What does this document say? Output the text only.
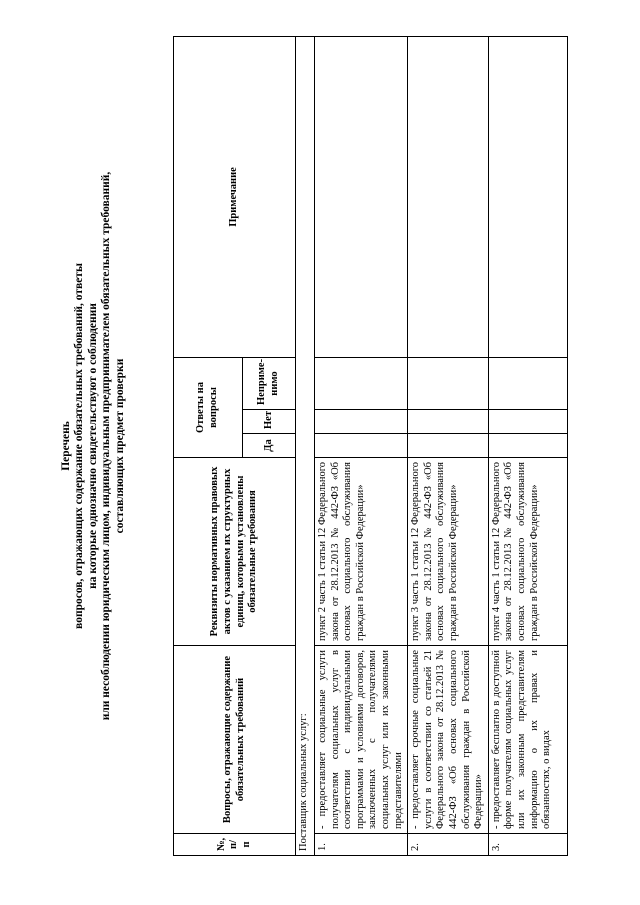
Перечень вопросов, отражающих содержание обязательных требований, ответы на которые однозначно свидетельствуют о соблюдении или несоблюдении юридическим лицом, индивидуальным предпринимателем обязательных требований, составляющих предмет проверки
№, п/п	Вопросы, отражающие содержание обязательных требований	Реквизиты нормативных правовых актов с указанием их структурных единиц, которыми установлены обязательные требования	Ответы на вопросы			Примечание
			Да	Нет	Неприме-нимо	
Поставщик социальных услуг:						
1.	- предоставляет социальные услуги получателям социальных услуг в соответствии с индивидуальными программами и условиями договоров, заключенных с получателями социальных услуг или их законными представителями	пункт 2 часть 1 статьи 12 Федерального закона от 28.12.2013 № 442-ФЗ «Об основах социального обслуживания граждан в Российской Федерации»				
2.	- предоставляет срочные социальные услуги в соответствии со статьей 21 Федерального закона от 28.12.2013 № 442-ФЗ «Об основах социального обслуживания граждан в Российской Федерации»	пункт 3 часть 1 статьи 12 Федерального закона от 28.12.2013 № 442-ФЗ «Об основах социального обслуживания граждан в Российской Федерации»				
3.	- предоставляет бесплатно в доступной форме получателям социальных услуг или их законным представителям информацию о их правах и обязанностях, о видах	пункт 4 часть 1 статьи 12 Федерального закона от 28.12.2013 № 442-ФЗ «Об основах социального обслуживания граждан в Российской Федерации»				
